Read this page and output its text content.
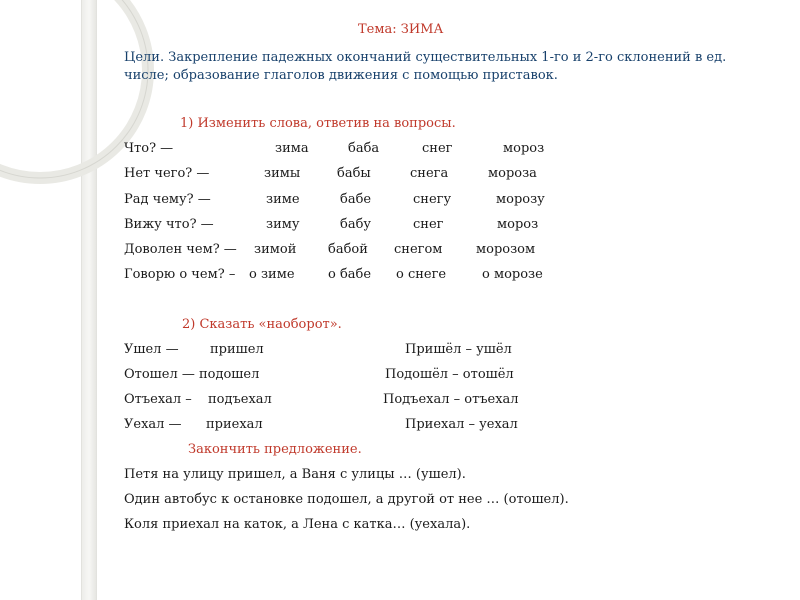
Тема: ЗИМА
Цели. Закрепление падежных окончаний существительных 1-го и 2-го склонений в ед.
числе; образование глаголов движения с помощью приставок.
1) Изменить слова, ответив на вопросы.
Что? —	зима	баба	снег	мороз
Нет чего? —	зимы	бабы	снега	мороза
Рад чему? —	зиме	бабе	снегу	морозу
Вижу что? —	зиму	бабу	снег	мороз
Доволен чем? — зимой бабой снегом	морозом
Говорю о чем? – о зиме	о бабе о снеге	о морозе
2) Сказать «наоборот».
Ушел — пришел	Пришёл – ушёл
Отошел — подошел	Подошёл – отошёл
Отъехал – подъехал	Подъехал – отъехал
Уехал — приехал	Приехал – уехал
Закончить предложение.
Петя на улицу пришел, а Ваня с улицы … (ушел).
Один автобус к остановке подошел, а другой от нее … (отошел).
Коля приехал на каток, а Лена с катка… (уехала).
